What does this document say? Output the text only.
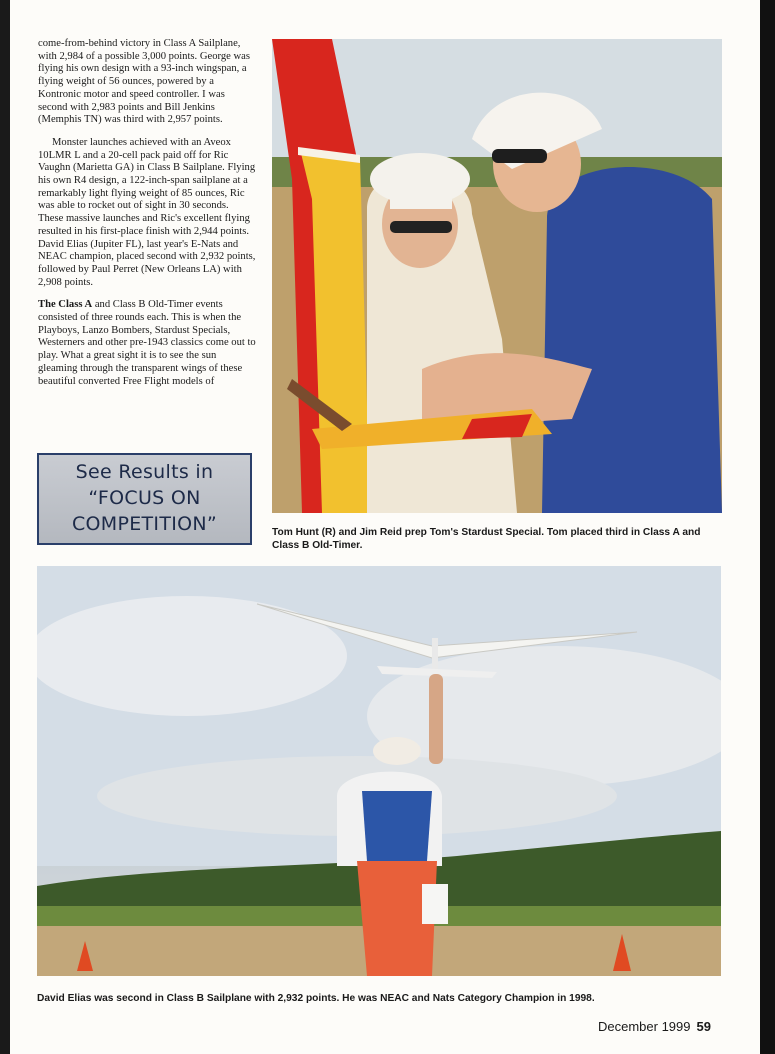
come-from-behind victory in Class A Sailplane, with 2,984 of a possible 3,000 points. George was flying his own design with a 93-inch wingspan, a flying weight of 56 ounces, powered by a Kontronic motor and speed controller. I was second with 2,983 points and Bill Jenkins (Memphis TN) was third with 2,957 points.

Monster launches achieved with an Aveox 10LMR L and a 20-cell pack paid off for Ric Vaughn (Marietta GA) in Class B Sailplane. Flying his own R4 design, a 122-inch-span sailplane at a remarkably light flying weight of 85 ounces, Ric was able to rocket out of sight in 30 seconds. These massive launches and Ric's excellent flying resulted in his first-place finish with 2,944 points. David Elias (Jupiter FL), last year's E-Nats and NEAC champion, placed second with 2,932 points, followed by Paul Perret (New Orleans LA) with 2,908 points.

The Class A and Class B Old-Timer events consisted of three rounds each. This is when the Playboys, Lanzo Bombers, Stardust Specials, Westerners and other pre-1943 classics come out to play. What a great sight it is to see the sun gleaming through the transparent wings of these beautiful converted Free Flight models of

See Results in
“FOCUS ON
COMPETITION”	Tom Hunt (R) and Jim Reid prep Tom's Stardust Special. Tom placed third in Class A and Class B Old-Timer.
David Elias was second in Class B Sailplane with 2,932 points. He was NEAC and Nats Category Champion in 1998.
December 1999 59
